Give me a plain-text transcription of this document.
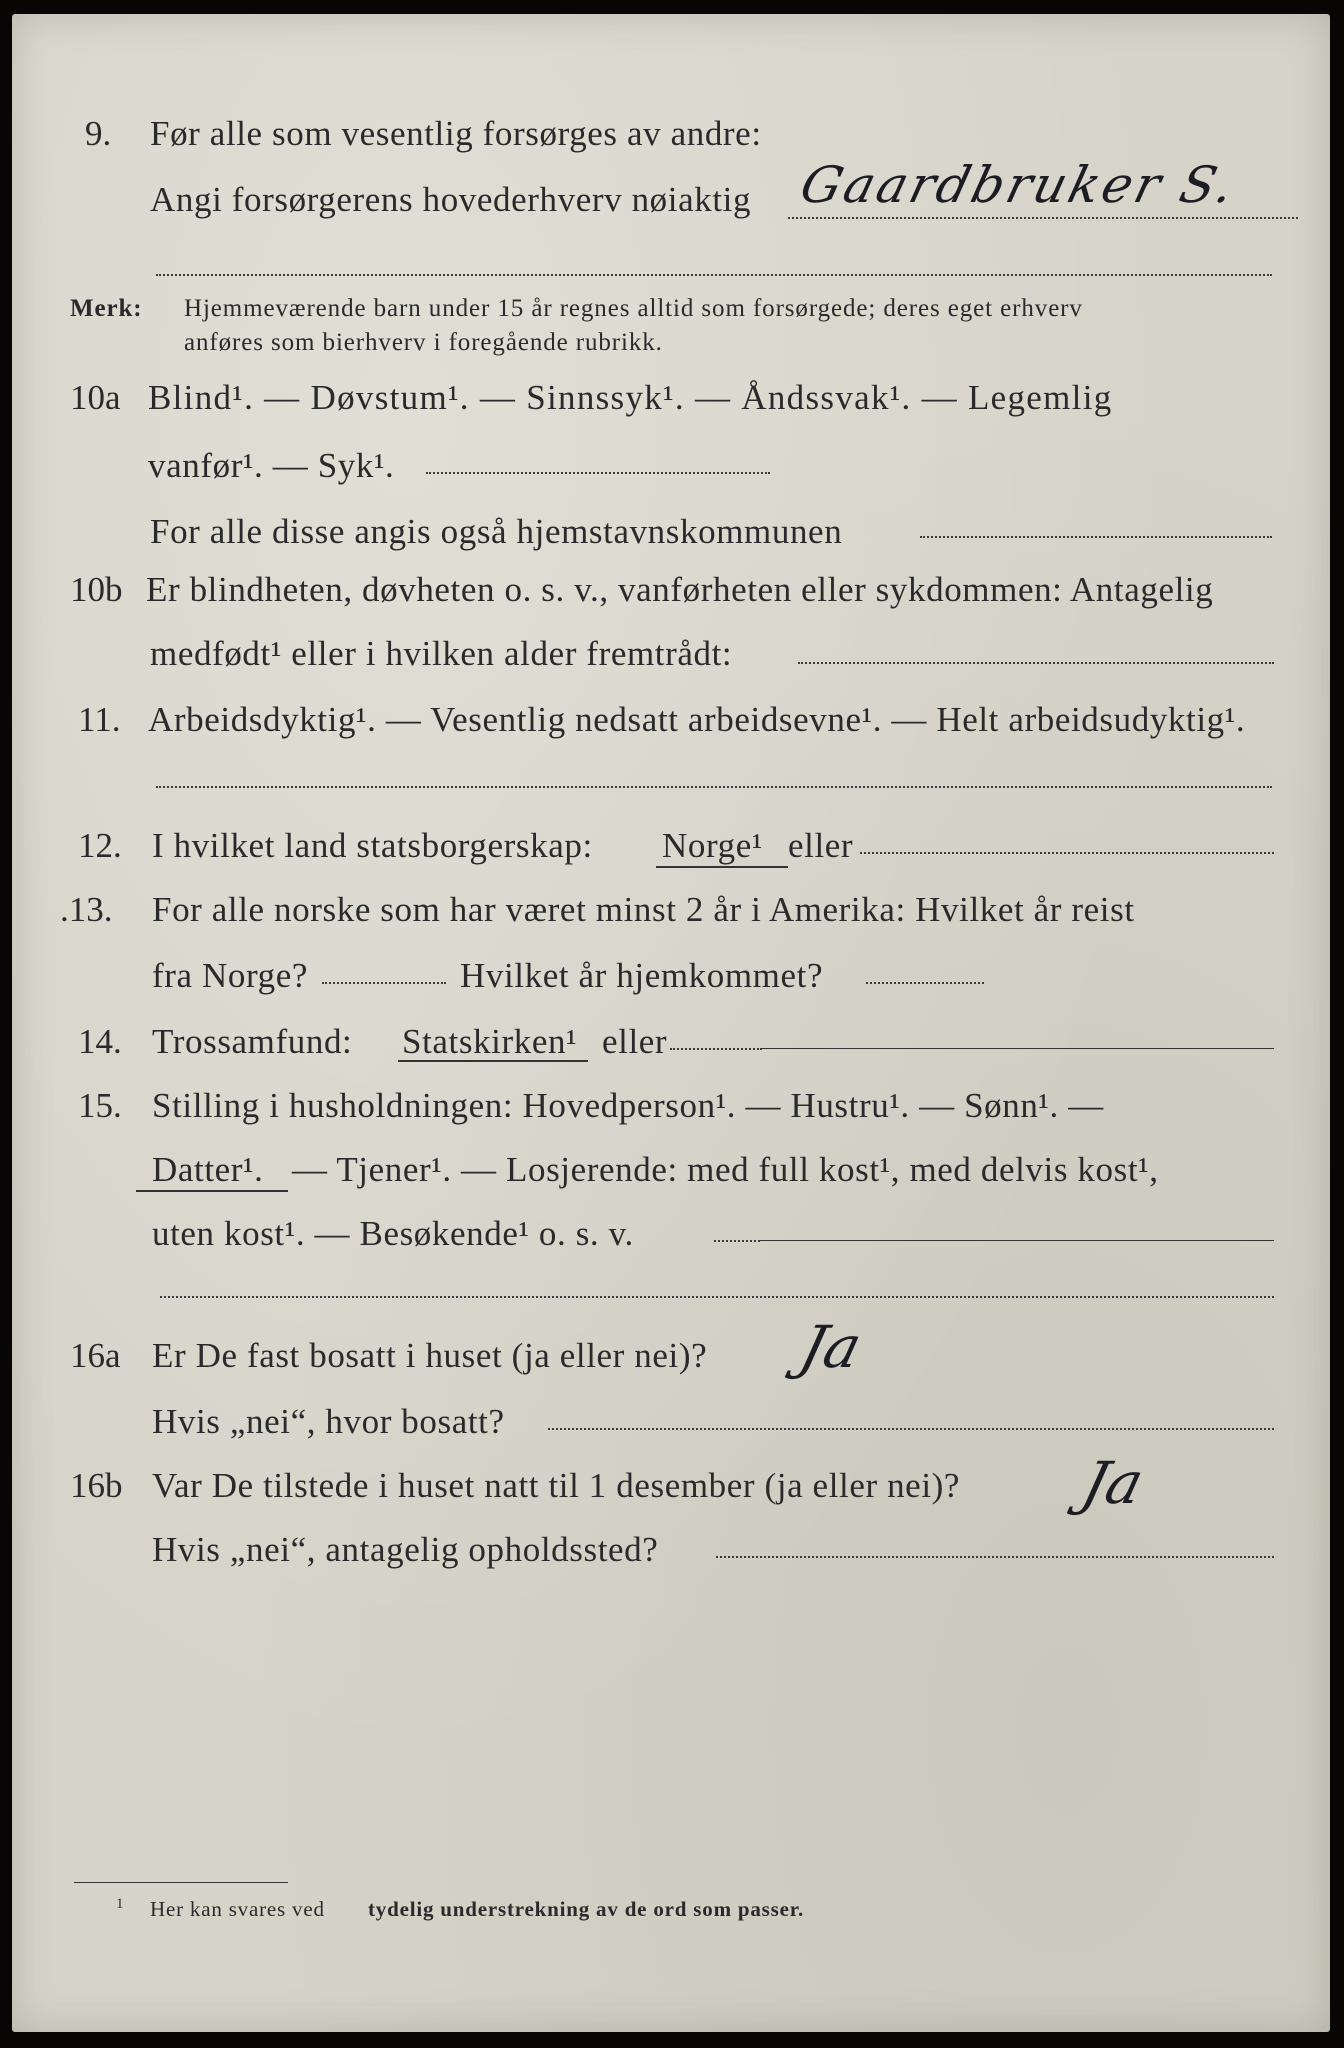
9. Før alle som vesentlig forsørges av andre:
Angi forsørgerens hovederhverv nøiaktig Gaardbruker S.
Merk: Hjemmeværende barn under 15 år regnes alltid som forsørgede; deres eget erhverv
anføres som bierhverv i foregående rubrikk.
10a Blind¹. — Døvstum¹. — Sinnssyk¹. — Åndssvak¹. — Legemlig
vanfør¹. — Syk¹.
For alle disse angis også hjemstavnskommunen
10b Er blindheten, døvheten o. s. v., vanførheten eller sykdommen: Antagelig
medfødt¹ eller i hvilken alder fremtrådt:
11. Arbeidsdyktig¹. — Vesentlig nedsatt arbeidsevne¹. — Helt arbeidsudyktig¹.
12. I hvilket land statsborgerskap: Norge¹ eller
.13. For alle norske som har været minst 2 år i Amerika: Hvilket år reist
fra Norge?	Hvilket år hjemkommet?
14. Trossamfund: Statskirken¹ eller
15. Stilling i husholdningen: Hovedperson¹. — Hustru¹. — Sønn¹. —
Datter¹. — Tjener¹. — Losjerende: med full kost¹, med delvis kost¹,
uten kost¹. — Besøkende¹ o. s. v.
16a Er De fast bosatt i huset (ja eller nei)? Ja
Hvis „nei“, hvor bosatt?
16b Var De tilstede i huset natt til 1 desember (ja eller nei)? Ja
Hvis „nei“, antagelig opholdssted?
1 Her kan svares ved tydelig understrekning av de ord som passer.
